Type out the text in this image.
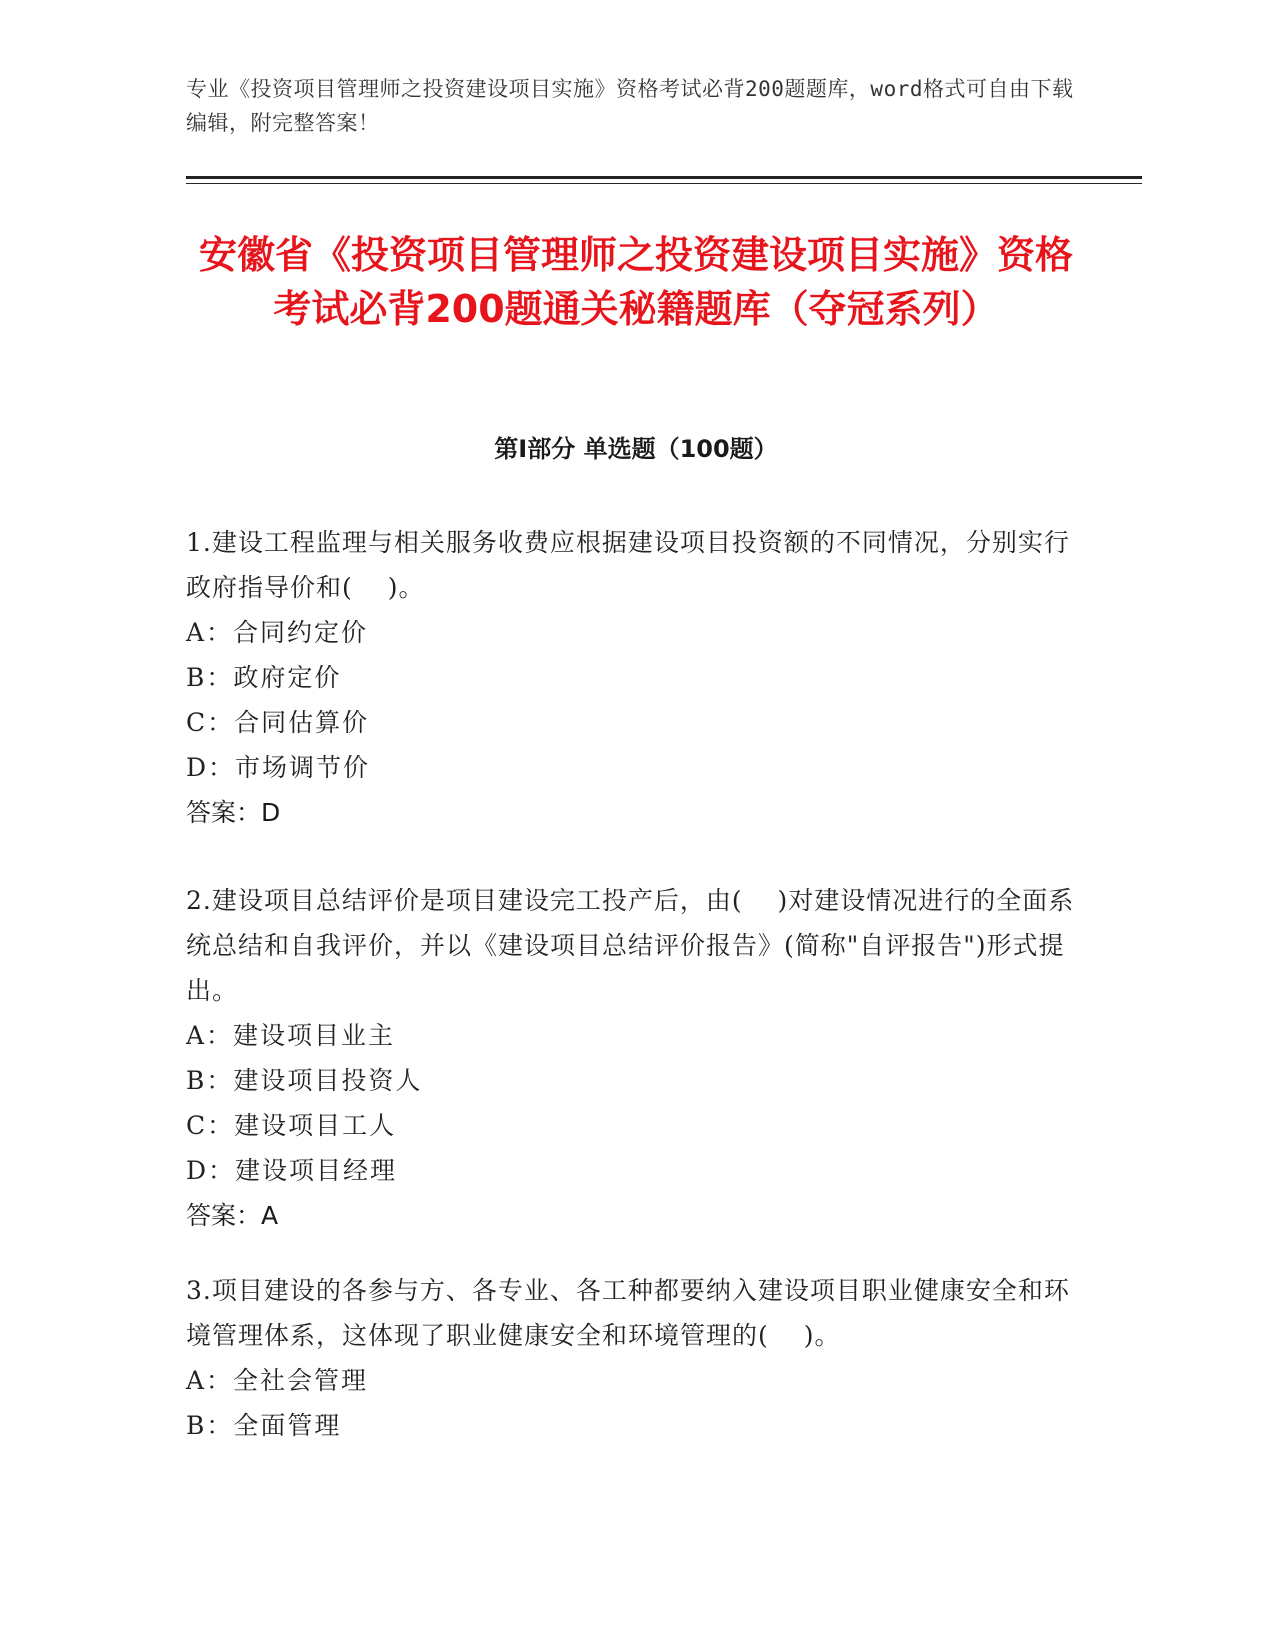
专业《投资项目管理师之投资建设项目实施》资格考试必背200题题库，word格式可自由下载编辑，附完整答案！
安徽省《投资项目管理师之投资建设项目实施》资格考试必背200题通关秘籍题库（夺冠系列）
第Ⅰ部分 单选题（100题）
1.建设工程监理与相关服务收费应根据建设项目投资额的不同情况，分别实行政府指导价和(　 )。
A：合同约定价
B：政府定价
C：合同估算价
D：市场调节价
答案：D
2.建设项目总结评价是项目建设完工投产后，由(　 )对建设情况进行的全面系统总结和自我评价，并以《建设项目总结评价报告》(简称"自评报告")形式提出。
A：建设项目业主
B：建设项目投资人
C：建设项目工人
D：建设项目经理
答案：A
3.项目建设的各参与方、各专业、各工种都要纳入建设项目职业健康安全和环境管理体系，这体现了职业健康安全和环境管理的(　 )。
A：全社会管理
B：全面管理
